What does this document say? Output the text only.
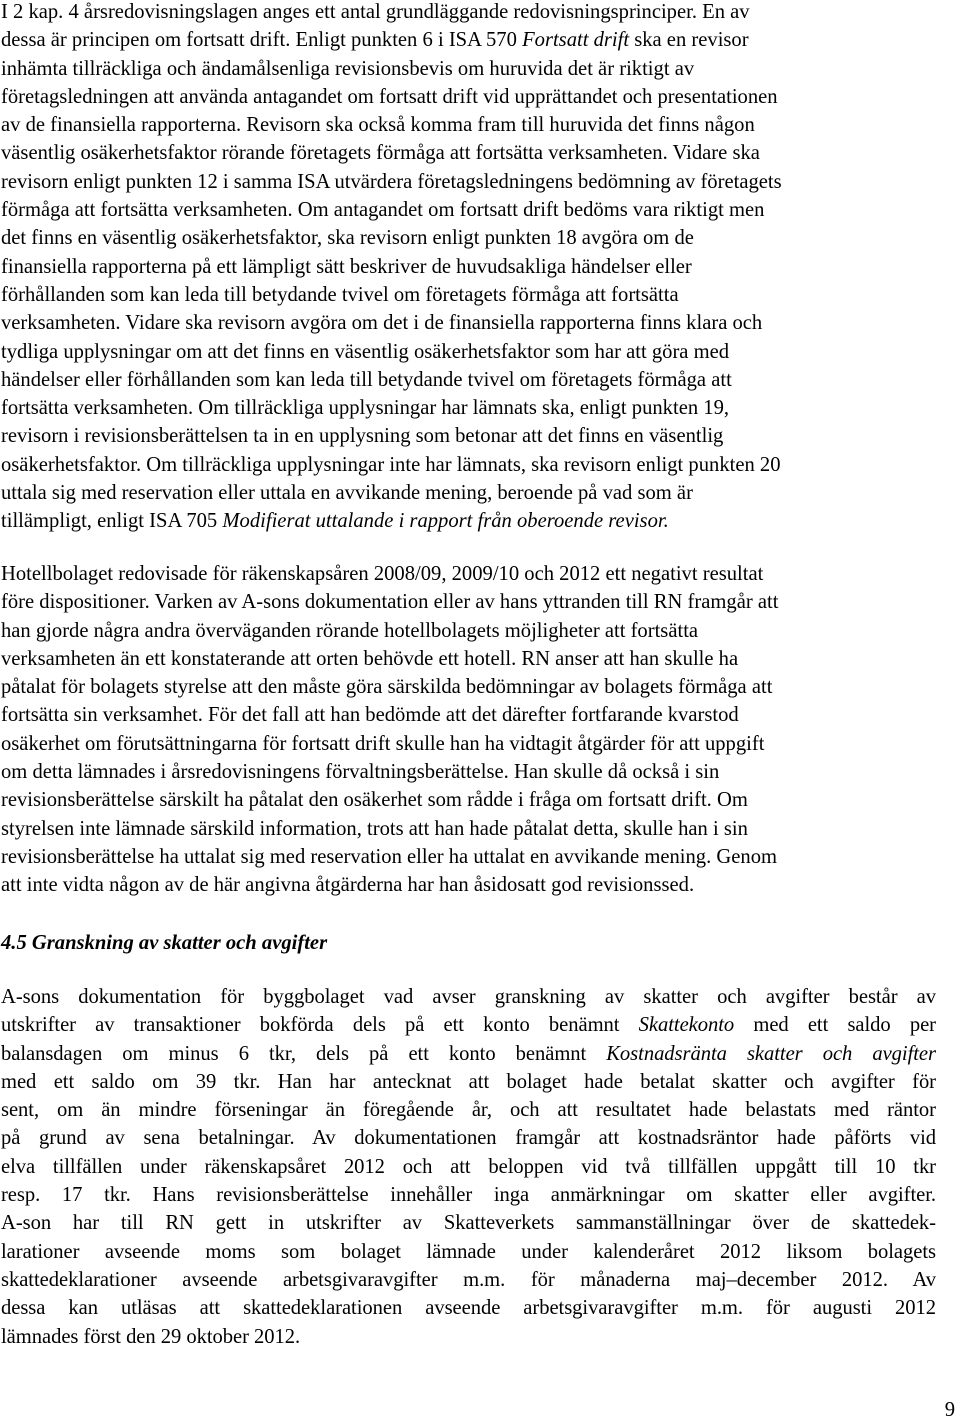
I 2 kap. 4 årsredovisningslagen anges ett antal grundläggande redovisningsprinciper. En av
dessa är principen om fortsatt drift. Enligt punkten 6 i ISA 570 Fortsatt drift ska en revisor
inhämta tillräckliga och ändamålsenliga revisionsbevis om huruvida det är riktigt av
företagsledningen att använda antagandet om fortsatt drift vid upprättandet och presentationen
av de finansiella rapporterna. Revisorn ska också komma fram till huruvida det finns någon
väsentlig osäkerhetsfaktor rörande företagets förmåga att fortsätta verksamheten. Vidare ska
revisorn enligt punkten 12 i samma ISA utvärdera företagsledningens bedömning av företagets
förmåga att fortsätta verksamheten. Om antagandet om fortsatt drift bedöms vara riktigt men
det finns en väsentlig osäkerhetsfaktor, ska revisorn enligt punkten 18 avgöra om de
finansiella rapporterna på ett lämpligt sätt beskriver de huvudsakliga händelser eller
förhållanden som kan leda till betydande tvivel om företagets förmåga att fortsätta
verksamheten. Vidare ska revisorn avgöra om det i de finansiella rapporterna finns klara och
tydliga upplysningar om att det finns en väsentlig osäkerhetsfaktor som har att göra med
händelser eller förhållanden som kan leda till betydande tvivel om företagets förmåga att
fortsätta verksamheten. Om tillräckliga upplysningar har lämnats ska, enligt punkten 19,
revisorn i revisionsberättelsen ta in en upplysning som betonar att det finns en väsentlig
osäkerhetsfaktor. Om tillräckliga upplysningar inte har lämnats, ska revisorn enligt punkten 20
uttala sig med reservation eller uttala en avvikande mening, beroende på vad som är
tillämpligt, enligt ISA 705 Modifierat uttalande i rapport från oberoende revisor.
Hotellbolaget redovisade för räkenskapsåren 2008/09, 2009/10 och 2012 ett negativt resultat
före dispositioner. Varken av A-sons dokumentation eller av hans yttranden till RN framgår att
han gjorde några andra överväganden rörande hotellbolagets möjligheter att fortsätta
verksamheten än ett konstaterande att orten behövde ett hotell. RN anser att han skulle ha
påtalat för bolagets styrelse att den måste göra särskilda bedömningar av bolagets förmåga att
fortsätta sin verksamhet. För det fall att han bedömde att det därefter fortfarande kvarstod
osäkerhet om förutsättningarna för fortsatt drift skulle han ha vidtagit åtgärder för att uppgift
om detta lämnades i årsredovisningens förvaltningsberättelse. Han skulle då också i sin
revisionsberättelse särskilt ha påtalat den osäkerhet som rådde i fråga om fortsatt drift. Om
styrelsen inte lämnade särskild information, trots att han hade påtalat detta, skulle han i sin
revisionsberättelse ha uttalat sig med reservation eller ha uttalat en avvikande mening. Genom
att inte vidta någon av de här angivna åtgärderna har han åsidosatt god revisionssed.
4.5 Granskning av skatter och avgifter
A-sons dokumentation för byggbolaget vad avser granskning av skatter och avgifter består av
utskrifter av transaktioner bokförda dels på ett konto benämnt Skattekonto med ett saldo per
balansdagen om minus 6 tkr, dels på ett konto benämnt Kostnadsränta skatter och avgifter
med ett saldo om 39 tkr. Han har antecknat att bolaget hade betalat skatter och avgifter för
sent, om än mindre förseningar än föregående år, och att resultatet hade belastats med räntor
på grund av sena betalningar. Av dokumentationen framgår att kostnadsräntor hade påförts vid
elva tillfällen under räkenskapsåret 2012 och att beloppen vid två tillfällen uppgått till 10 tkr
resp. 17 tkr. Hans revisionsberättelse innehåller inga anmärkningar om skatter eller avgifter.
A-son har till RN gett in utskrifter av Skatteverkets sammanställningar över de skattedek-
larationer avseende moms som bolaget lämnade under kalenderåret 2012 liksom bolagets
skattedeklarationer avseende arbetsgivaravgifter m.m. för månaderna maj–december 2012. Av
dessa kan utläsas att skattedeklarationen avseende arbetsgivaravgifter m.m. för augusti 2012
lämnades först den 29 oktober 2012.
9
